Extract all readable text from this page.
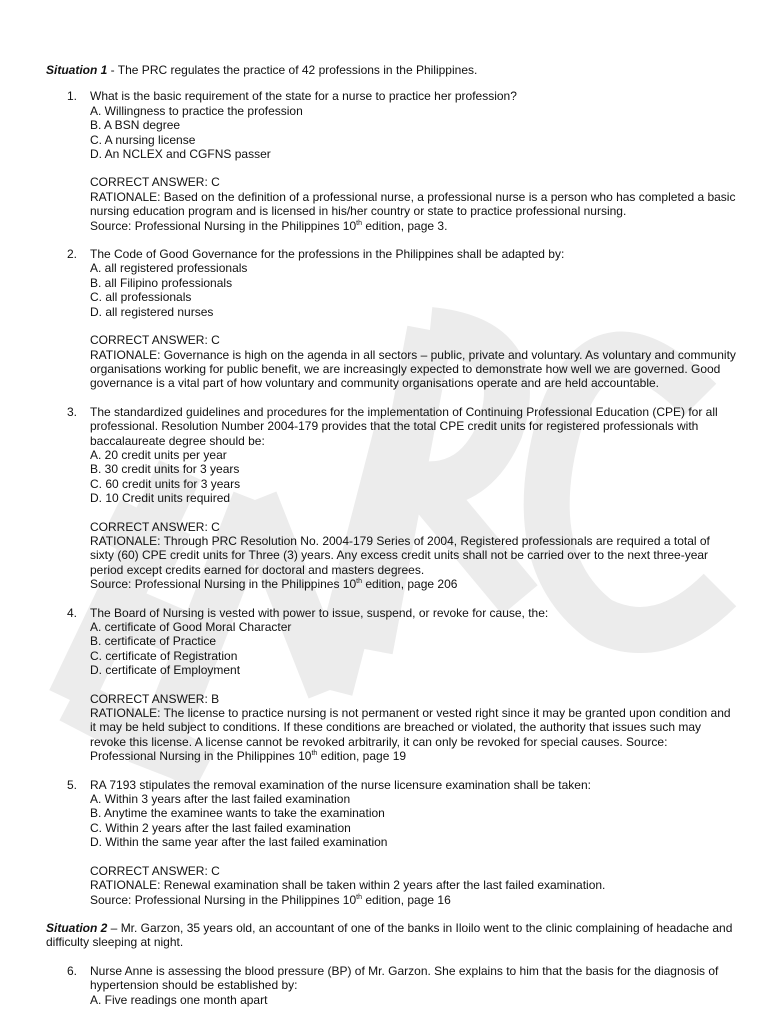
Situation 1 - The PRC regulates the practice of 42 professions in the Philippines.
1. What is the basic requirement of the state for a nurse to practice her profession?
A. Willingness to practice the profession
B. A BSN degree
C. A nursing license
D. An NCLEX and CGFNS passer
CORRECT ANSWER: C
RATIONALE: Based on the definition of a professional nurse, a professional nurse is a person who has completed a basic nursing education program and is licensed in his/her country or state to practice professional nursing.
Source: Professional Nursing in the Philippines 10th edition, page 3.
2. The Code of Good Governance for the professions in the Philippines shall be adapted by:
A. all registered professionals
B. all Filipino professionals
C. all professionals
D. all registered nurses
CORRECT ANSWER: C
RATIONALE: Governance is high on the agenda in all sectors – public, private and voluntary. As voluntary and community organisations working for public benefit, we are increasingly expected to demonstrate how well we are governed. Good governance is a vital part of how voluntary and community organisations operate and are held accountable.
3. The standardized guidelines and procedures for the implementation of Continuing Professional Education (CPE) for all professional. Resolution Number 2004-179 provides that the total CPE credit units for registered professionals with baccalaureate degree should be:
A. 20 credit units per year
B. 30 credit units for 3 years
C. 60 credit units for 3 years
D. 10 Credit units required
CORRECT ANSWER: C
RATIONALE: Through PRC Resolution No. 2004-179 Series of 2004, Registered professionals are required a total of sixty (60) CPE credit units for Three (3) years. Any excess credit units shall not be carried over to the next three-year period except credits earned for doctoral and masters degrees.
Source: Professional Nursing in the Philippines 10th edition, page 206
4. The Board of Nursing is vested with power to issue, suspend, or revoke for cause, the:
A. certificate of Good Moral Character
B. certificate of Practice
C. certificate of Registration
D. certificate of Employment
CORRECT ANSWER: B
RATIONALE: The license to practice nursing is not permanent or vested right since it may be granted upon condition and it may be held subject to conditions. If these conditions are breached or violated, the authority that issues such may revoke this license. A license cannot be revoked arbitrarily, it can only be revoked for special causes. Source: Professional Nursing in the Philippines 10th edition, page 19
5. RA 7193 stipulates the removal examination of the nurse licensure examination shall be taken:
A. Within 3 years after the last failed examination
B. Anytime the examinee wants to take the examination
C. Within 2 years after the last failed examination
D. Within the same year after the last failed examination
CORRECT ANSWER: C
RATIONALE: Renewal examination shall be taken within 2 years after the last failed examination.
Source: Professional Nursing in the Philippines 10th edition, page 16
Situation 2 – Mr. Garzon, 35 years old, an accountant of one of the banks in Iloilo went to the clinic complaining of headache and difficulty sleeping at night.
6. Nurse Anne is assessing the blood pressure (BP) of Mr. Garzon. She explains to him that the basis for the diagnosis of hypertension should be established by:
A. Five readings one month apart
